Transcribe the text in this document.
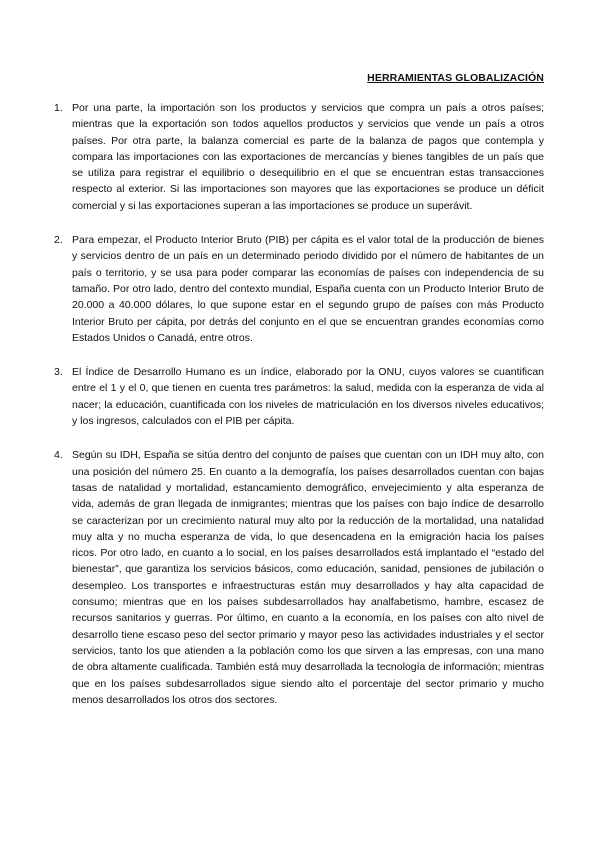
HERRAMIENTAS GLOBALIZACIÓN
1. Por una parte, la importación son los productos y servicios que compra un país a otros países; mientras que la exportación son todos aquellos productos y servicios que vende un país a otros países. Por otra parte, la balanza comercial es parte de la balanza de pagos que contempla y compara las importaciones con las exportaciones de mercancías y bienes tangibles de un país que se utiliza para registrar el equilibrio o desequilibrio en el que se encuentran estas transacciones respecto al exterior. Si las importaciones son mayores que las exportaciones se produce un déficit comercial y si las exportaciones superan a las importaciones se produce un superávit.

2. Para empezar, el Producto Interior Bruto (PIB) per cápita es el valor total de la producción de bienes y servicios dentro de un país en un determinado periodo dividido por el número de habitantes de un país o territorio, y se usa para poder comparar las economías de países con independencia de su tamaño. Por otro lado, dentro del contexto mundial, España cuenta con un Producto Interior Bruto de 20.000 a 40.000 dólares, lo que supone estar en el segundo grupo de países con más Producto Interior Bruto per cápita, por detrás del conjunto en el que se encuentran grandes economías como Estados Unidos o Canadá, entre otros.

3. El Índice de Desarrollo Humano es un índice, elaborado por la ONU, cuyos valores se cuantifican entre el 1 y el 0, que tienen en cuenta tres parámetros: la salud, medida con la esperanza de vida al nacer; la educación, cuantificada con los niveles de matriculación en los diversos niveles educativos; y los ingresos, calculados con el PIB per cápita.

4. Según su IDH, España se sitúa dentro del conjunto de países que cuentan con un IDH muy alto, con una posición del número 25. En cuanto a la demografía, los países desarrollados cuentan con bajas tasas de natalidad y mortalidad, estancamiento demográfico, envejecimiento y alta esperanza de vida, además de gran llegada de inmigrantes; mientras que los países con bajo índice de desarrollo se caracterizan por un crecimiento natural muy alto por la reducción de la mortalidad, una natalidad muy alta y no mucha esperanza de vida, lo que desencadena en la emigración hacia los países ricos. Por otro lado, en cuanto a lo social, en los países desarrollados está implantado el “estado del bienestar”, que garantiza los servicios básicos, como educación, sanidad, pensiones de jubilación o desempleo. Los transportes e infraestructuras están muy desarrollados y hay alta capacidad de consumo; mientras que en los países subdesarrollados hay analfabetismo, hambre, escasez de recursos sanitarios y guerras. Por último, en cuanto a la economía, en los países con alto nivel de desarrollo tiene escaso peso del sector primario y mayor peso las actividades industriales y el sector servicios, tanto los que atienden a la población como los que sirven a las empresas, con una mano de obra altamente cualificada. También está muy desarrollada la tecnología de información; mientras que en los países subdesarrollados sigue siendo alto el porcentaje del sector primario y mucho menos desarrollados los otros dos sectores.
